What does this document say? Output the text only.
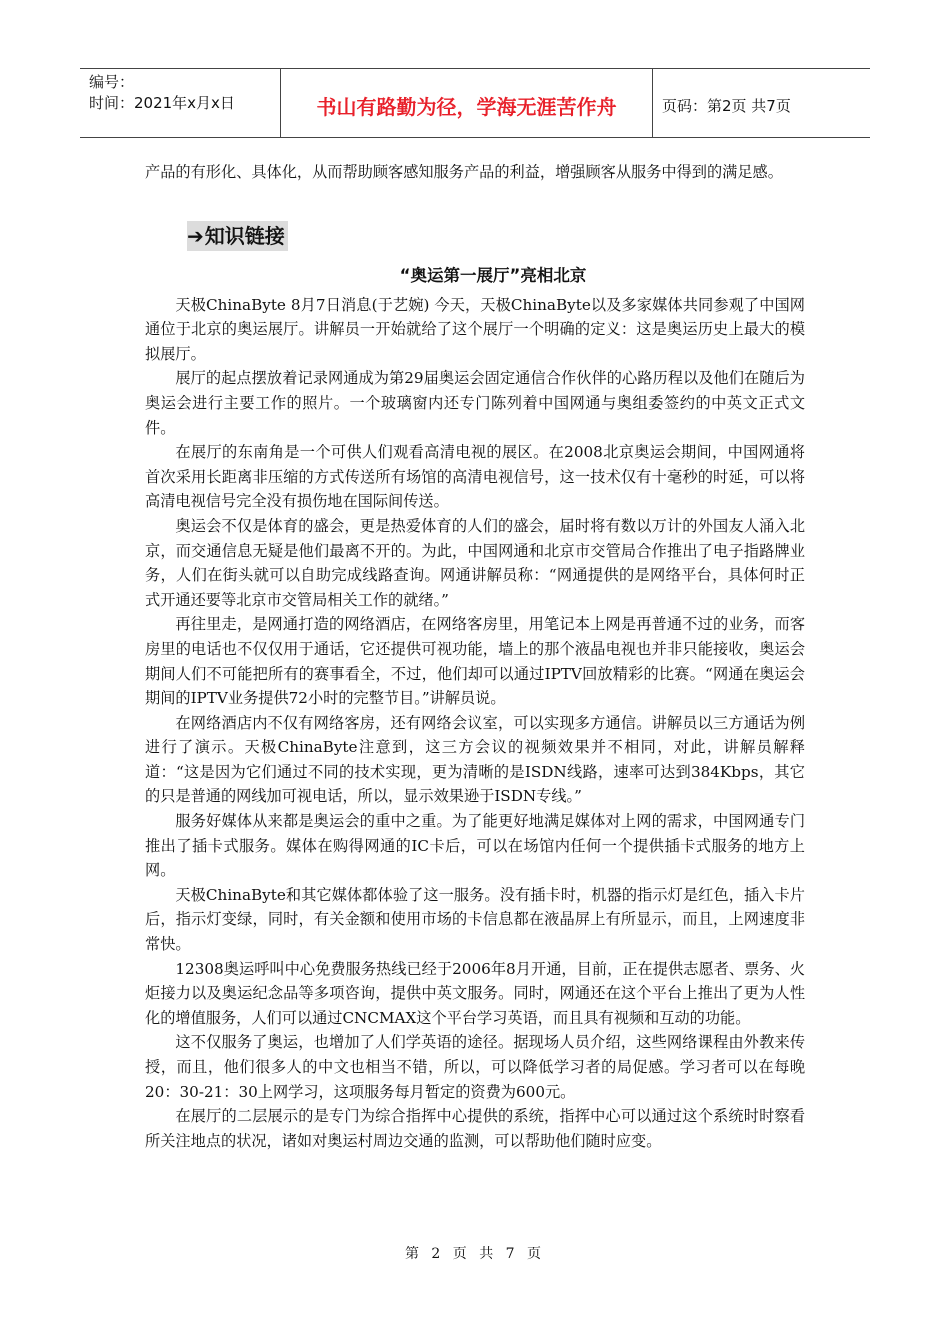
编号：
时间：2021年x月x日	书山有路勤为径，学海无涯苦作舟	页码：第2页 共7页

产品的有形化、具体化，从而帮助顾客感知服务产品的利益，增强顾客从服务中得到的满足感。

➔ 知识链接
“奥运第一展厅”亮相北京

天极ChinaByte 8月7日消息(于艺婉) 今天，天极ChinaByte以及多家媒体共同参观了中国网通位于北京的奥运展厅。讲解员一开始就给了这个展厅一个明确的定义：这是奥运历史上最大的模拟展厅。

展厅的起点摆放着记录网通成为第29届奥运会固定通信合作伙伴的心路历程以及他们在随后为奥运会进行主要工作的照片。一个玻璃窗内还专门陈列着中国网通与奥组委签约的中英文正式文件。

在展厅的东南角是一个可供人们观看高清电视的展区。在2008北京奥运会期间，中国网通将首次采用长距离非压缩的方式传送所有场馆的高清电视信号，这一技术仅有十毫秒的时延，可以将高清电视信号完全没有损伤地在国际间传送。

奥运会不仅是体育的盛会，更是热爱体育的人们的盛会，届时将有数以万计的外国友人涌入北京，而交通信息无疑是他们最离不开的。为此，中国网通和北京市交管局合作推出了电子指路牌业务，人们在街头就可以自助完成线路查询。网通讲解员称：“网通提供的是网络平台，具体何时正式开通还要等北京市交管局相关工作的就绪。”

再往里走，是网通打造的网络酒店，在网络客房里，用笔记本上网是再普通不过的业务，而客房里的电话也不仅仅用于通话，它还提供可视功能，墙上的那个液晶电视也并非只能接收，奥运会期间人们不可能把所有的赛事看全，不过，他们却可以通过IPTV回放精彩的比赛。“网通在奥运会期间的IPTV业务提供72小时的完整节目。”讲解员说。

在网络酒店内不仅有网络客房，还有网络会议室，可以实现多方通信。讲解员以三方通话为例进行了演示。天极ChinaByte注意到，这三方会议的视频效果并不相同，对此，讲解员解释道：“这是因为它们通过不同的技术实现，更为清晰的是ISDN线路，速率可达到384Kbps，其它的只是普通的网线加可视电话，所以，显示效果逊于ISDN专线。”

服务好媒体从来都是奥运会的重中之重。为了能更好地满足媒体对上网的需求，中国网通专门推出了插卡式服务。媒体在购得网通的IC卡后，可以在场馆内任何一个提供插卡式服务的地方上网。

天极ChinaByte和其它媒体都体验了这一服务。没有插卡时，机器的指示灯是红色，插入卡片后，指示灯变绿，同时，有关金额和使用市场的卡信息都在液晶屏上有所显示，而且，上网速度非常快。

12308奥运呼叫中心免费服务热线已经于2006年8月开通，目前，正在提供志愿者、票务、火炬接力以及奥运纪念品等多项咨询，提供中英文服务。同时，网通还在这个平台上推出了更为人性化的增值服务，人们可以通过CNCMAX这个平台学习英语，而且具有视频和互动的功能。

这不仅服务了奥运，也增加了人们学英语的途径。据现场人员介绍，这些网络课程由外教来传授，而且，他们很多人的中文也相当不错，所以，可以降低学习者的局促感。学习者可以在每晚20：30-21：30上网学习，这项服务每月暂定的资费为600元。

在展厅的二层展示的是专门为综合指挥中心提供的系统，指挥中心可以通过这个系统时时察看所关注地点的状况，诸如对奥运村周边交通的监测，可以帮助他们随时应变。

第 2 页 共 7 页
